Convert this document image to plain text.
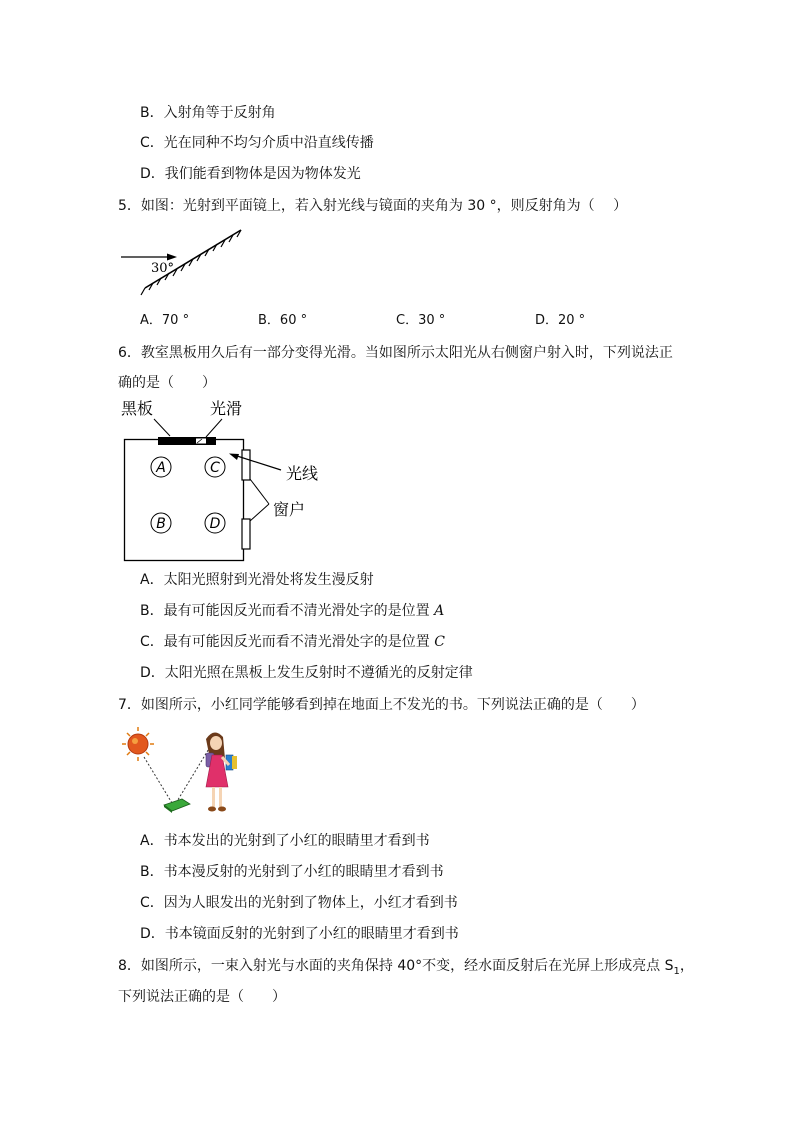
B．入射角等于反射角
C．光在同种不均匀介质中沿直线传播
D．我们能看到物体是因为物体发光
5．如图：光射到平面镜上，若入射光线与镜面的夹角为 30 °，则反射角为（　 ）
30°
A．70 °	B．60 °	C．30 °	D．20 °
6．教室黑板用久后有一部分变得光滑。当如图所示太阳光从右侧窗户射入时，下列说法正
确的是（　　）
黑板	光滑
光线
窗户
A	C
B	D
A．太阳光照射到光滑处将发生漫反射
B．最有可能因反光而看不清光滑处字的是位置 A
C．最有可能因反光而看不清光滑处字的是位置 C
D．太阳光照在黑板上发生反射时不遵循光的反射定律
7．如图所示，小红同学能够看到掉在地面上不发光的书。下列说法正确的是（　　）
A．书本发出的光射到了小红的眼睛里才看到书
B．书本漫反射的光射到了小红的眼睛里才看到书
C．因为人眼发出的光射到了物体上，小红才看到书
D．书本镜面反射的光射到了小红的眼睛里才看到书
8．如图所示，一束入射光与水面的夹角保持 40°不变，经水面反射后在光屏上形成亮点 $S_1$，
下列说法正确的是（　　）
